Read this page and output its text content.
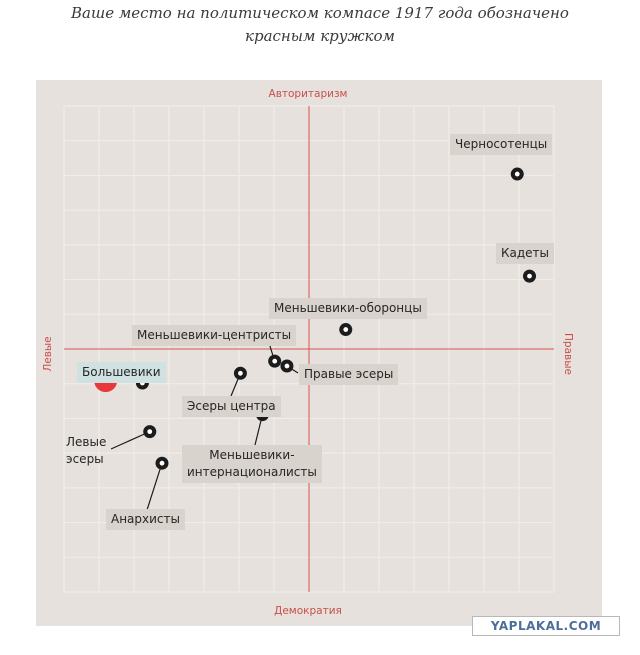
Ваше место на политическом компасе 1917 года обозначено
красным кружком
Авторитаризм
Демократия
Левые	Правые
Черносотенцы
Кадеты
Меньшевики-оборонцы
Меньшевики-центристы
Правые эсеры
Эсеры центра
Большевики
Меньшевики-
интернационалисты
Левые
эсеры
Анархисты
YAPLAKAL.COM
